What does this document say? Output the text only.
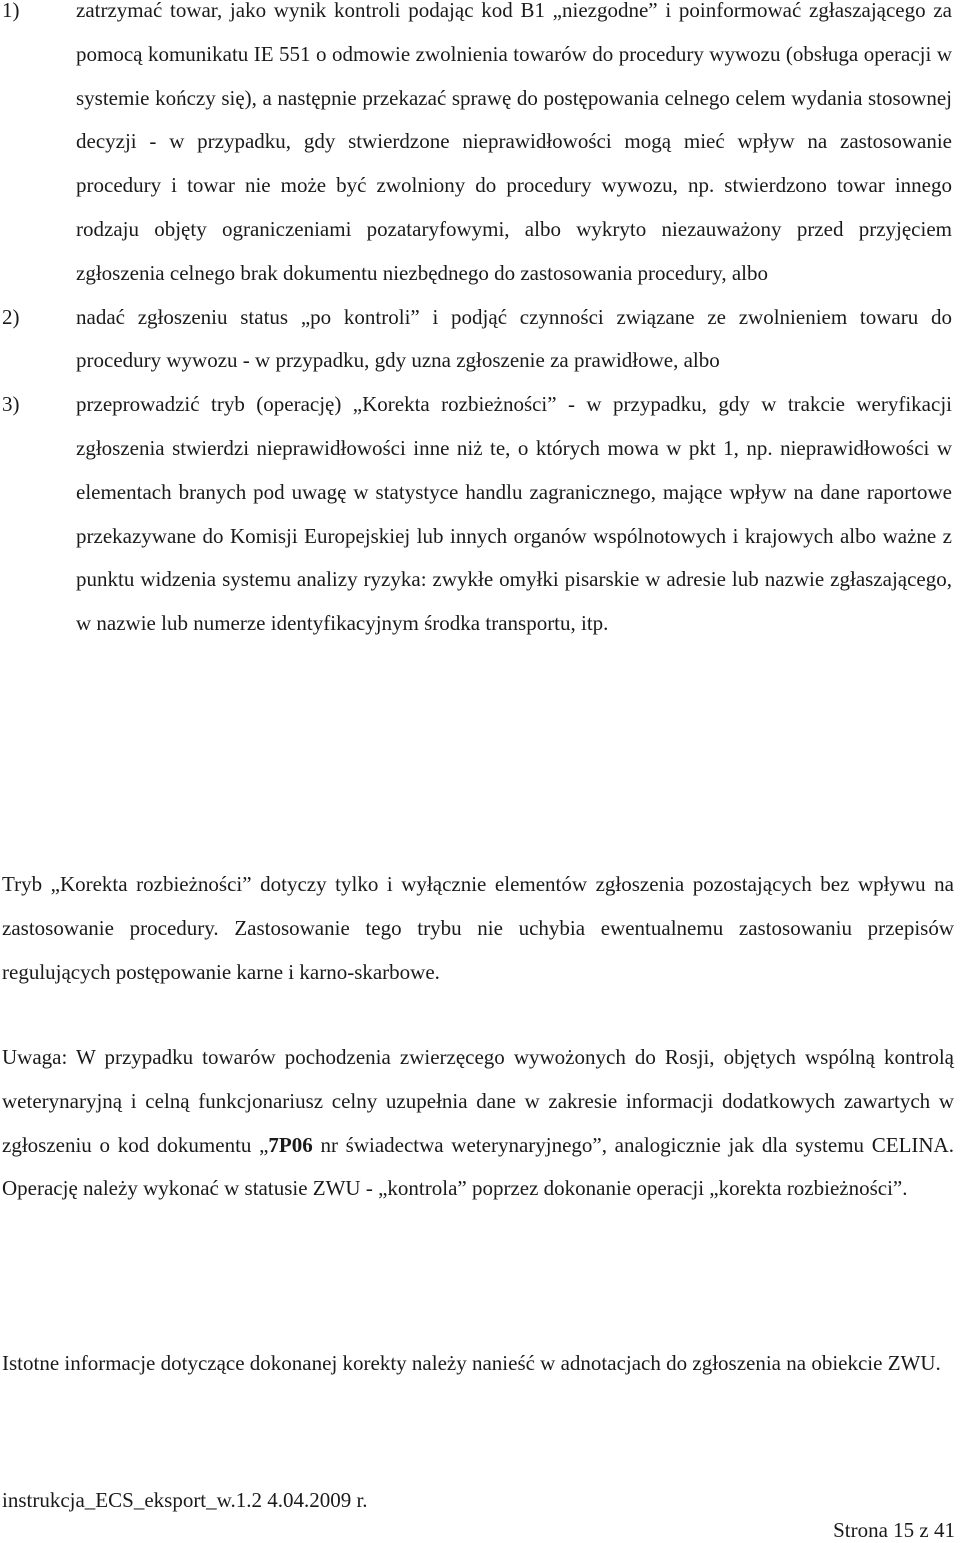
1)	zatrzymać towar, jako wynik kontroli podając kod B1 „niezgodne” i poinformować zgłaszającego za pomocą komunikatu IE 551 o odmowie zwolnienia towarów do procedury wywozu (obsługa operacji w systemie kończy się), a następnie przekazać sprawę do postępowania celnego celem wydania stosownej decyzji - w przypadku, gdy stwierdzone nieprawidłowości mogą mieć wpływ na zastosowanie procedury i towar nie może być zwolniony do procedury wywozu, np. stwierdzono towar innego rodzaju objęty ograniczeniami pozataryfowymi, albo wykryto niezauważony przed przyjęciem zgłoszenia celnego brak dokumentu niezbędnego do zastosowania procedury, albo
2)	nadać zgłoszeniu status „po kontroli” i podjąć czynności związane ze zwolnieniem towaru do procedury wywozu - w przypadku, gdy uzna zgłoszenie za prawidłowe, albo
3)	przeprowadzić tryb (operację) „Korekta rozbieżności” - w przypadku, gdy w trakcie weryfikacji zgłoszenia stwierdzi nieprawidłowości inne niż te, o których mowa w pkt 1, np. nieprawidłowości w elementach branych pod uwagę w statystyce handlu zagranicznego, mające wpływ na dane raportowe przekazywane do Komisji Europejskiej lub innych organów wspólnotowych i krajowych albo ważne z punktu widzenia systemu analizy ryzyka: zwykłe omyłki pisarskie w adresie lub nazwie zgłaszającego, w nazwie lub numerze identyfikacyjnym środka transportu, itp.
Tryb „Korekta rozbieżności” dotyczy tylko i wyłącznie elementów zgłoszenia pozostających bez wpływu na zastosowanie procedury. Zastosowanie tego trybu nie uchybia ewentualnemu zastosowaniu przepisów regulujących postępowanie karne i karno-skarbowe.
Uwaga: W przypadku towarów pochodzenia zwierzęcego wywożonych do Rosji, objętych wspólną kontrolą weterynaryjną i celną funkcjonariusz celny uzupełnia dane w zakresie informacji dodatkowych zawartych w zgłoszeniu o kod dokumentu „7P06 nr świadectwa weterynaryjnego”, analogicznie jak dla systemu CELINA. Operację należy wykonać w statusie ZWU - „kontrola” poprzez dokonanie operacji „korekta rozbieżności”.
Istotne informacje dotyczące dokonanej korekty należy nanieść w adnotacjach do zgłoszenia na obiekcie ZWU.
instrukcja_ECS_eksport_w.1.2 4.04.2009 r.
Strona 15 z 41
